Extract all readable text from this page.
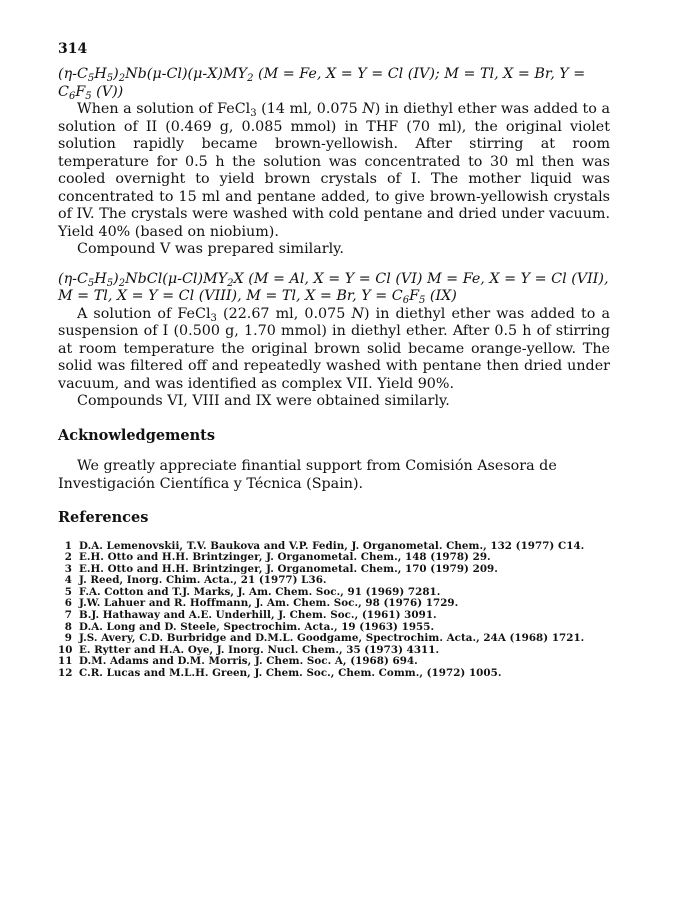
314

$(\eta-C_5H_5)_2Nb(\mu-Cl)(\mu-X)MY_2$ (M = Fe, X = Y = Cl (IV); M = Tl, X = Br, $Y = C_6F_5$ (V))

When a solution of FeCl$_3$ (14 ml, 0.075 N) in diethyl ether was added to a solution of II (0.469 g, 0.085 mmol) in THF (70 ml), the original violet solution rapidly became brown-yellowish. After stirring at room temperature for 0.5 h the solution was concentrated to 30 ml then was cooled overnight to yield brown crystals of I. The mother liquid was concentrated to 15 ml and pentane added, to give brown-yellowish crystals of IV. The crystals were washed with cold pentane and dried under vacuum. Yield 40% (based on niobium).

Compound V was prepared similarly.

$(\eta-C_5H_5)_2NbCl(\mu-Cl)MY_2X$ (M = Al, X = Y = Cl (VI) M = Fe, X = Y = Cl (VII), M = Tl, X = Y = Cl (VIII), M = Tl, X = Br, $Y = C_6F_5$ (IX)

A solution of FeCl$_3$ (22.67 ml, 0.075 N) in diethyl ether was added to a suspension of I (0.500 g, 1.70 mmol) in diethyl ether. After 0.5 h of stirring at room temperature the original brown solid became orange-yellow. The solid was filtered off and repeatedly washed with pentane then dried under vacuum, and was identified as complex VII. Yield 90%.

Compounds VI, VIII and IX were obtained similarly.

Acknowledgements

We greatly appreciate finantial support from Comisión Asesora de Investigación Científica y Técnica (Spain).

References

1 D.A. Lemenovskii, T.V. Baukova and V.P. Fedin, J. Organometal. Chem., 132 (1977) C14.
2 E.H. Otto and H.H. Brintzinger, J. Organometal. Chem., 148 (1978) 29.
3 E.H. Otto and H.H. Brintzinger, J. Organometal. Chem., 170 (1979) 209.
4 J. Reed, Inorg. Chim. Acta., 21 (1977) L36.
5 F.A. Cotton and T.J. Marks, J. Am. Chem. Soc., 91 (1969) 7281.
6 J.W. Lahuer and R. Hoffmann, J. Am. Chem. Soc., 98 (1976) 1729.
7 B.J. Hathaway and A.E. Underhill, J. Chem. Soc., (1961) 3091.
8 D.A. Long and D. Steele, Spectrochim. Acta., 19 (1963) 1955.
9 J.S. Avery, C.D. Burbridge and D.M.L. Goodgame, Spectrochim. Acta., 24A (1968) 1721.
10 E. Rytter and H.A. Oye, J. Inorg. Nucl. Chem., 35 (1973) 4311.
11 D.M. Adams and D.M. Morris, J. Chem. Soc. A, (1968) 694.
12 C.R. Lucas and M.L.H. Green, J. Chem. Soc., Chem. Comm., (1972) 1005.
